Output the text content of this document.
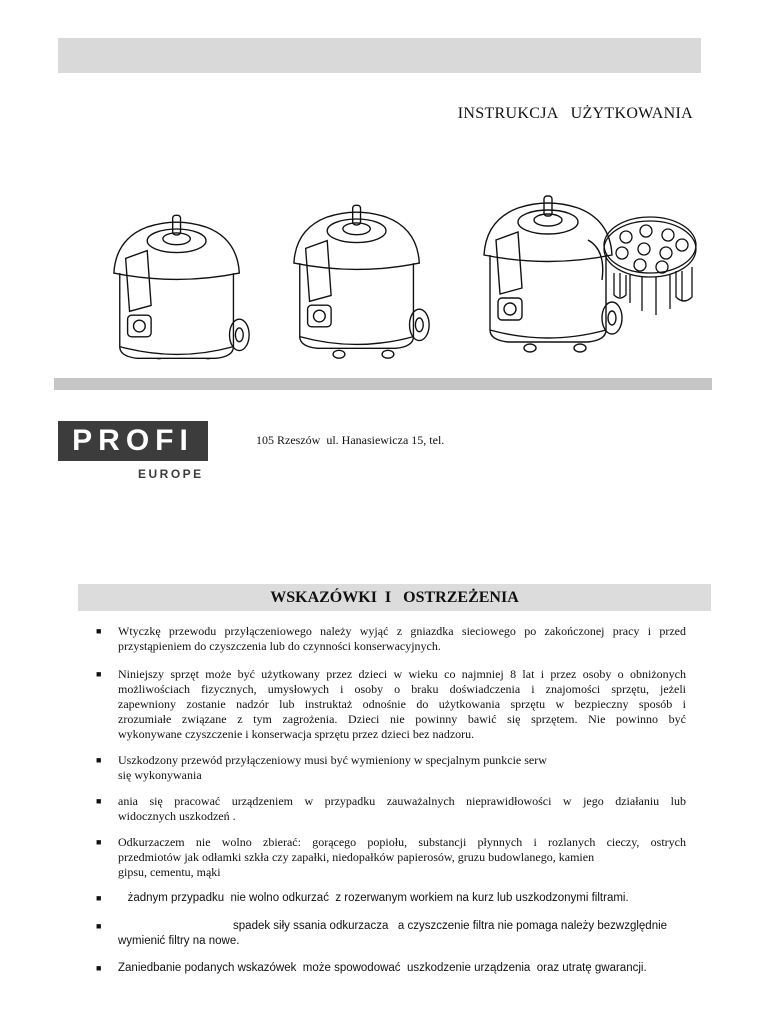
INSTRUKCJA   UŻYTKOWANIA
PROFI
EUROPE
105 Rzeszów  ul. Hanasiewicza 15, tel.
WSKAZÓWKI  I   OSTRZEŻENIA
■ Wtyczkę przewodu przyłączeniowego należy wyjąć z gniazdka sieciowego po zakończonej pracy i przed
przystąpieniem do czyszczenia lub do czynności konserwacyjnych.
■ Niniejszy sprzęt może być użytkowany przez dzieci w wieku co najmniej 8 lat i przez osoby o obniżonych
możliwościach fizycznych, umysłowych i osoby o braku doświadczenia i znajomości sprzętu, jeżeli
zapewniony zostanie nadzór lub instruktaż odnośnie do użytkowania sprzętu w bezpieczny sposób i
zrozumiałe związane z tym zagrożenia. Dzieci nie powinny bawić się sprzętem. Nie powinno być
wykonywane czyszczenie i konserwacja sprzętu przez dzieci bez nadzoru.
■ Uszkodzony przewód przyłączeniowy musi być wymieniony w specjalnym punkcie serw
się wykonywania
■ ania się pracować urządzeniem w przypadku zauważalnych nieprawidłowości w jego działaniu lub
widocznych uszkodzeń .
■ Odkurzaczem nie wolno zbierać: gorącego popiołu, substancji płynnych i rozlanych cieczy, ostrych
przedmiotów jak odłamki szkła czy zapałki, niedopałków papierosów, gruzu budowlanego, kamien
gipsu, cementu, mąki
■ żadnym przypadku  nie wolno odkurzać  z rozerwanym workiem na kurz lub uszkodzonymi filtrami.
■ spadek siły ssania odkurzacza   a czyszczenie filtra nie pomaga należy bezwzględnie
wymienić filtry na nowe.
■ Zaniedbanie podanych wskazówek  może spowodować  uszkodzenie urządzenia  oraz utratę gwarancji.
